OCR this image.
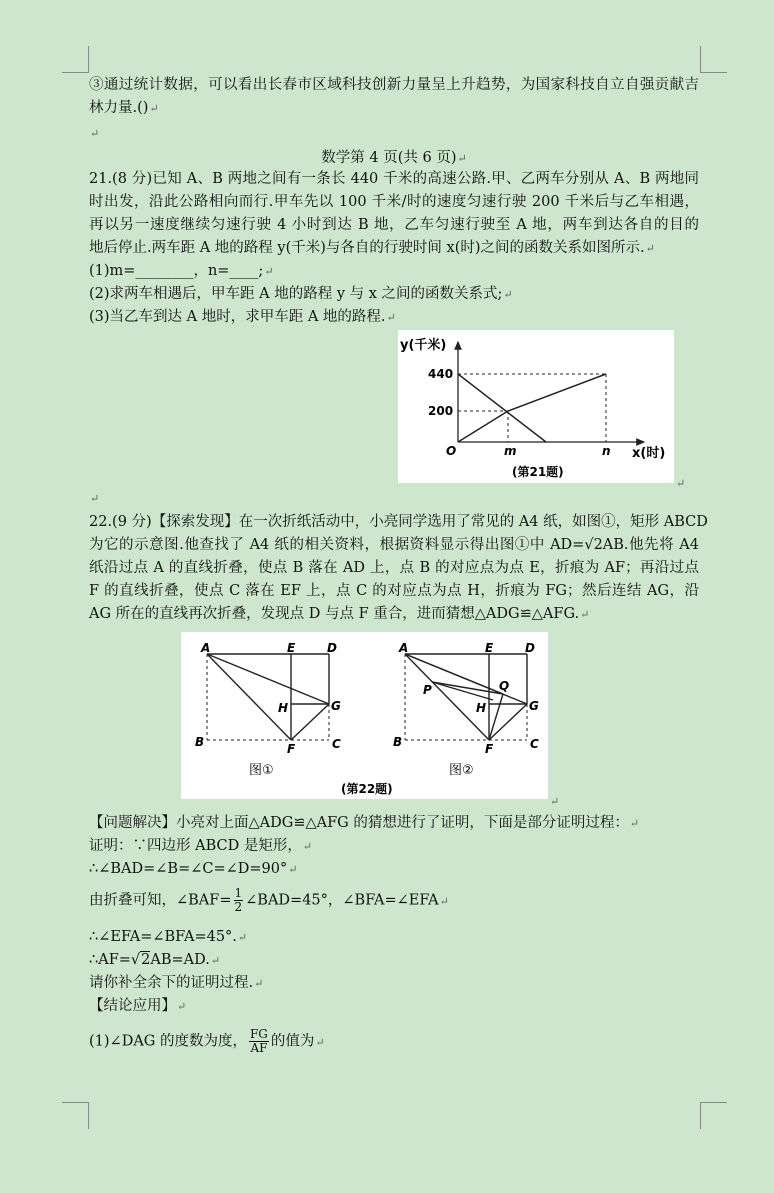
③通过统计数据，可以看出长春市区域科技创新力量呈上升趋势，为国家科技自立自强贡献吉
林力量.()↵
↵
数学第 4 页(共 6 页)↵
21.(8 分)已知 A、B 两地之间有一条长 440 千米的高速公路.甲、乙两车分别从 A、B 两地同
时出发，沿此公路相向而行.甲车先以 100 千米/时的速度匀速行驶 200 千米后与乙车相遇，
再以另一速度继续匀速行驶 4 小时到达 B 地，乙车匀速行驶至 A 地，两车到达各自的目的
地后停止.两车距 A 地的路程 y(千米)与各自的行驶时间 x(时)之间的函数关系如图所示.↵
(1)m=________，n=____;↵
(2)求两车相遇后，甲车距 A 地的路程 y 与 x 之间的函数关系式;↵
(3)当乙车到达 A 地时，求甲车距 A 地的路程.↵
y(千米)
440
200
O	m	n x(时)
(第21题)
↵
↵
22.(9 分)【探索发现】在一次折纸活动中，小亮同学选用了常见的 A4 纸，如图①，矩形 ABCD
为它的示意图.他查找了 A4 纸的相关资料，根据资料显示得出图①中 AD=√2AB.他先将 A4
纸沿过点 A 的直线折叠，使点 B 落在 AD 上，点 B 的对应点为点 E，折痕为 AF；再沿过点
F 的直线折叠，使点 C 落在 EF 上，点 C 的对应点为点 H，折痕为 FG；然后连结 AG，沿
AG 所在的直线再次折叠，发现点 D 与点 F 重合，进而猜想△ADG≌△AFG.↵
A	E	D
H	G
B	F	C
图①
A	E	D
H	G
B	F	C
P	Q
图②
(第22题)
↵
【问题解决】小亮对上面△ADG≌△AFG 的猜想进行了证明，下面是部分证明过程：↵
证明：∵四边形 ABCD 是矩形，↵
∴∠BAD=∠B=∠C=∠D=90°↵
由折叠可知，∠BAF= $\frac{1}{2}$ ∠BAD=45°，∠BFA=∠EFA↵
∴∠EFA=∠BFA=45°.↵
∴AF=√2AB=AD.↵
请你补全余下的证明过程.↵
【结论应用】↵
(1)∠DAG 的度数为度， $\frac{FG}{AF}$ 的值为↵
